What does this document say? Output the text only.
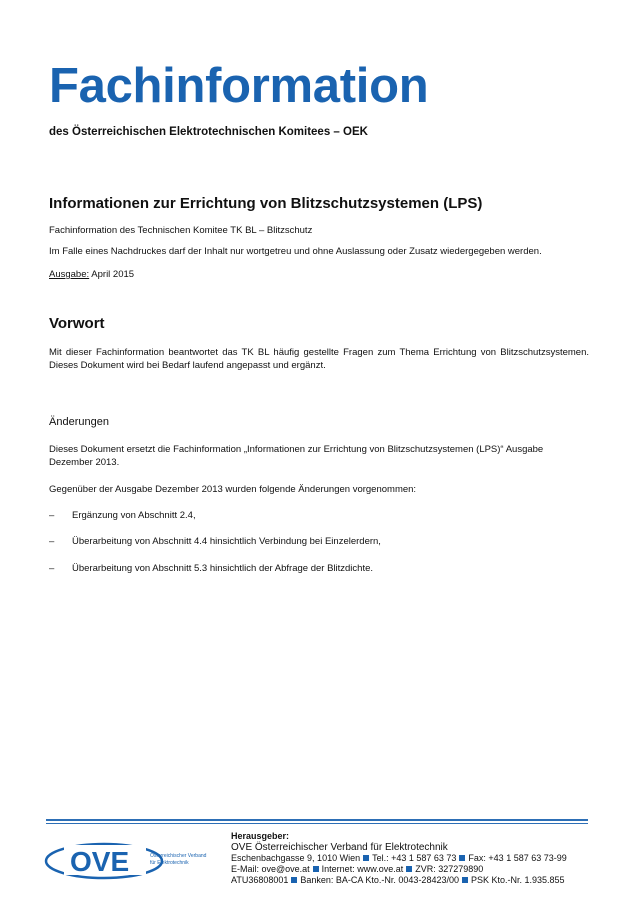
Fachinformation
des Österreichischen Elektrotechnischen Komitees – OEK
Informationen zur Errichtung von Blitzschutzsystemen (LPS)
Fachinformation des Technischen Komitee TK BL – Blitzschutz
Im Falle eines Nachdruckes darf der Inhalt nur wortgetreu und ohne Auslassung oder Zusatz wiedergegeben werden.
Ausgabe: April 2015
Vorwort
Mit dieser Fachinformation beantwortet das TK BL häufig gestellte Fragen zum Thema Errichtung von Blitzschutzsystemen. Dieses Dokument wird bei Bedarf laufend angepasst und ergänzt.
Änderungen
Dieses Dokument ersetzt die Fachinformation „Informationen zur Errichtung von Blitzschutzsystemen (LPS)“ Ausgabe Dezember 2013.
Gegenüber der Ausgabe Dezember 2013 wurden folgende Änderungen vorgenommen:
– Ergänzung von Abschnitt 2.4,
– Überarbeitung von Abschnitt 4.4 hinsichtlich Verbindung bei Einzelerdern,
– Überarbeitung von Abschnitt 5.3 hinsichtlich der Abfrage der Blitzdichte.
OVE	Österreichischer Verband
für Elektrotechnik
Herausgeber:
OVE Österreichischer Verband für Elektrotechnik
Eschenbachgasse 9, 1010 Wien Tel.: +43 1 587 63 73 Fax: +43 1 587 63 73-99
E-Mail: ove@ove.at Internet: www.ove.at ZVR: 327279890
ATU36808001 Banken: BA-CA Kto.-Nr. 0043-28423/00 PSK Kto.-Nr. 1.935.855
